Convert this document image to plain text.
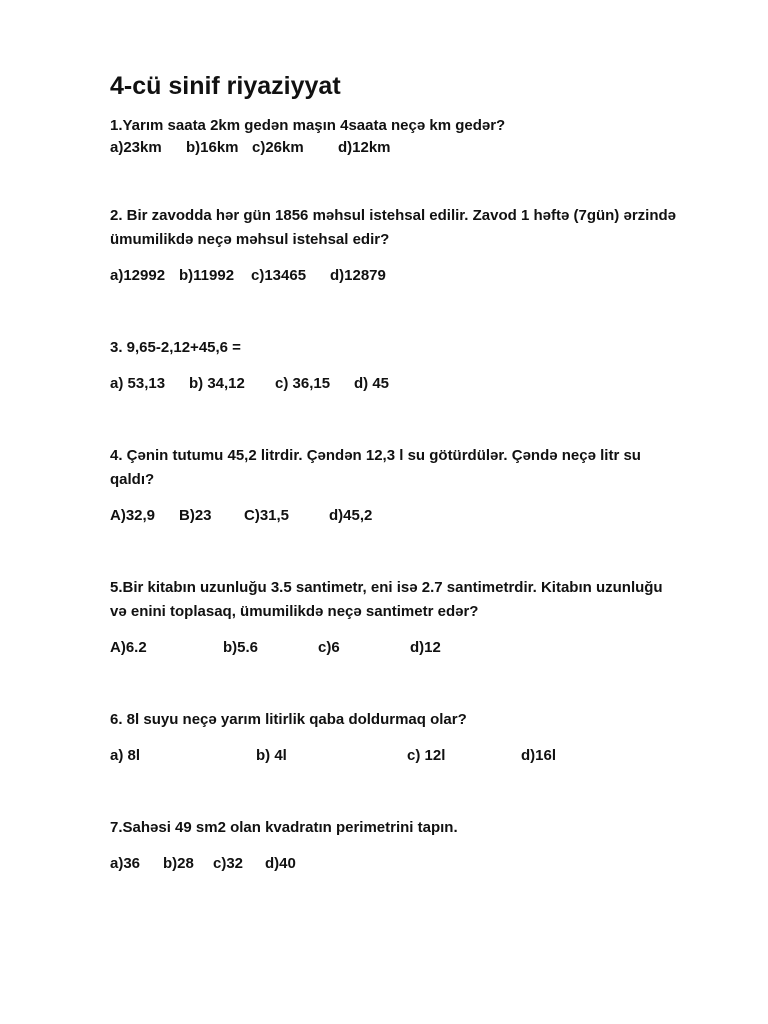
4-cü sinif riyaziyyat

1.Yarım saata 2km gedən maşın 4saata neçə km gedər?

a)23km b)16km c)26km d)12km

2. Bir zavodda hər gün 1856 məhsul istehsal edilir. Zavod 1 həftə (7gün) ərzində

ümumilikdə neçə məhsul istehsal edir?

a)12992 b)11992 c)13465 d)12879

3. 9,65-2,12+45,6 =

a) 53,13 b) 34,12 c) 36,15 d) 45

4. Çənin tutumu 45,2 litrdir. Çəndən 12,3 l su götürdülər. Çəndə neçə litr su

qaldı?

A)32,9 B)23 C)31,5	d)45,2

5.Bir kitabın uzunluğu 3.5 santimetr, eni isə 2.7 santimetrdir. Kitabın uzunluğu

və enini toplasaq, ümumilikdə neçə santimetr edər?

A)6.2	b)5.6	c)6	d)12

6. 8l suyu neçə yarım litirlik qaba doldurmaq olar?

a) 8l	b) 4l	c) 12l	d)16l

7.Sahəsi 49 sm2 olan kvadratın perimetrini tapın.

a)36 b)28 c)32 d)40
